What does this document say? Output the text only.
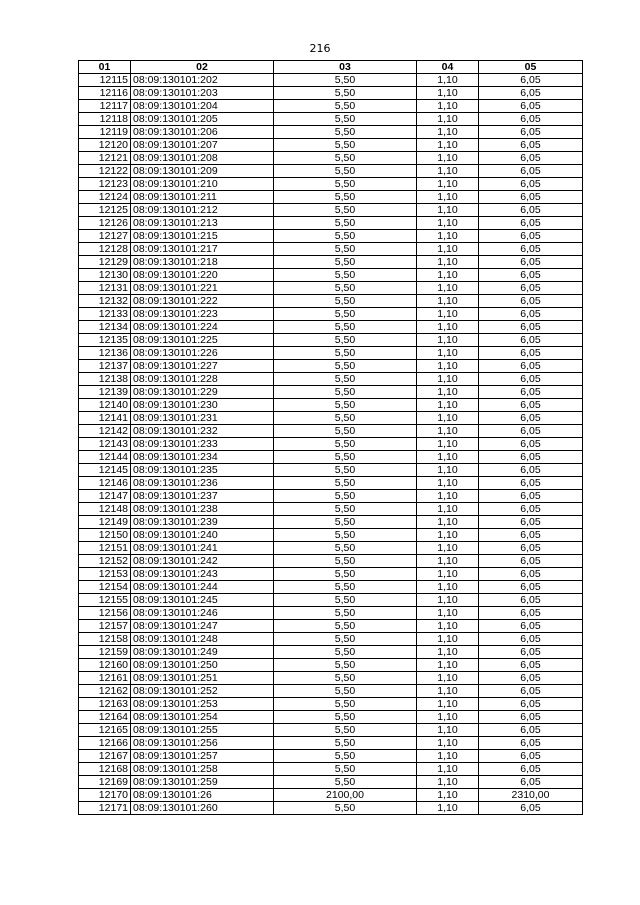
216
01	02	03	04	05
12115	08:09:130101:202	5,50	1,10	6,05
12116	08:09:130101:203	5,50	1,10	6,05
12117	08:09:130101:204	5,50	1,10	6,05
12118	08:09:130101:205	5,50	1,10	6,05
12119	08:09:130101:206	5,50	1,10	6,05
12120	08:09:130101:207	5,50	1,10	6,05
12121	08:09:130101:208	5,50	1,10	6,05
12122	08:09:130101:209	5,50	1,10	6,05
12123	08:09:130101:210	5,50	1,10	6,05
12124	08:09:130101:211	5,50	1,10	6,05
12125	08:09:130101:212	5,50	1,10	6,05
12126	08:09:130101:213	5,50	1,10	6,05
12127	08:09:130101:215	5,50	1,10	6,05
12128	08:09:130101:217	5,50	1,10	6,05
12129	08:09:130101:218	5,50	1,10	6,05
12130	08:09:130101:220	5,50	1,10	6,05
12131	08:09:130101:221	5,50	1,10	6,05
12132	08:09:130101:222	5,50	1,10	6,05
12133	08:09:130101:223	5,50	1,10	6,05
12134	08:09:130101:224	5,50	1,10	6,05
12135	08:09:130101:225	5,50	1,10	6,05
12136	08:09:130101:226	5,50	1,10	6,05
12137	08:09:130101:227	5,50	1,10	6,05
12138	08:09:130101:228	5,50	1,10	6,05
12139	08:09:130101:229	5,50	1,10	6,05
12140	08:09:130101:230	5,50	1,10	6,05
12141	08:09:130101:231	5,50	1,10	6,05
12142	08:09:130101:232	5,50	1,10	6,05
12143	08:09:130101:233	5,50	1,10	6,05
12144	08:09:130101:234	5,50	1,10	6,05
12145	08:09:130101:235	5,50	1,10	6,05
12146	08:09:130101:236	5,50	1,10	6,05
12147	08:09:130101:237	5,50	1,10	6,05
12148	08:09:130101:238	5,50	1,10	6,05
12149	08:09:130101:239	5,50	1,10	6,05
12150	08:09:130101:240	5,50	1,10	6,05
12151	08:09:130101:241	5,50	1,10	6,05
12152	08:09:130101:242	5,50	1,10	6,05
12153	08:09:130101:243	5,50	1,10	6,05
12154	08:09:130101:244	5,50	1,10	6,05
12155	08:09:130101:245	5,50	1,10	6,05
12156	08:09:130101:246	5,50	1,10	6,05
12157	08:09:130101:247	5,50	1,10	6,05
12158	08:09:130101:248	5,50	1,10	6,05
12159	08:09:130101:249	5,50	1,10	6,05
12160	08:09:130101:250	5,50	1,10	6,05
12161	08:09:130101:251	5,50	1,10	6,05
12162	08:09:130101:252	5,50	1,10	6,05
12163	08:09:130101:253	5,50	1,10	6,05
12164	08:09:130101:254	5,50	1,10	6,05
12165	08:09:130101:255	5,50	1,10	6,05
12166	08:09:130101:256	5,50	1,10	6,05
12167	08:09:130101:257	5,50	1,10	6,05
12168	08:09:130101:258	5,50	1,10	6,05
12169	08:09:130101:259	5,50	1,10	6,05
12170	08:09:130101:26	2100,00	1,10	2310,00
12171	08:09:130101:260	5,50	1,10	6,05
